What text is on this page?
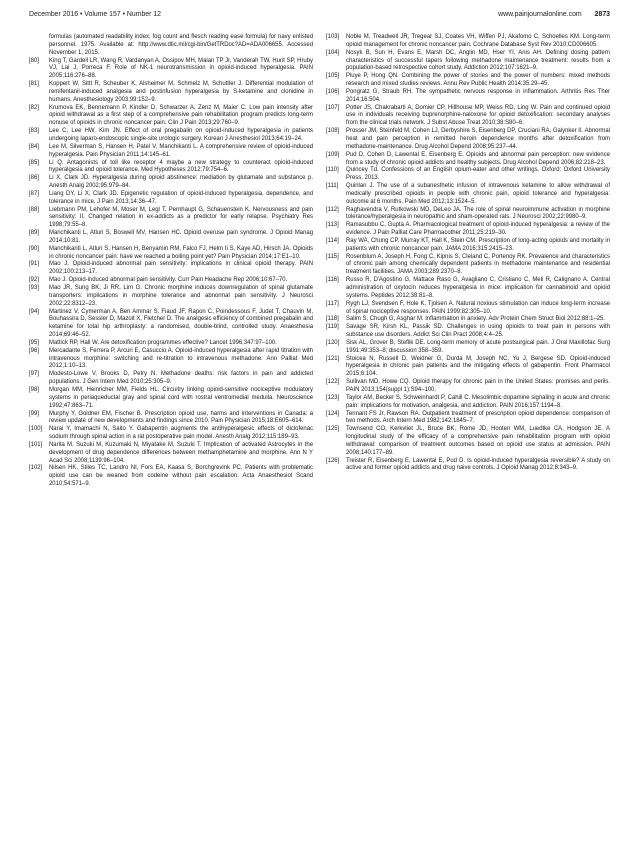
December 2016 • Volume 157 • Number 12	www.painjournalonline.com 2873
formulas (automated readability index, fog count and flesch reading ease formula) for navy enlisted personnel. 1975. Available at: http://www.dtic.mil/cgi-bin/GetTRDoc?AD=ADA006655. Accessed November 1, 2015.
[80]	King T, Gardell LR, Wang R, Vardanyan A, Ossipov MH, Malan TP Jr, Vanderah TW, Hunt SP, Hruby VJ, Lai J, Porreca F. Role of NK-1 neurotransmission in opioid-induced hyperalgesia. PAIN 2005;116:276–88.
[81]	Koppert W, Sittl R, Scheuber K, Alsheimer M, Schmelz M, Schuttler J. Differential modulation of remifentanil-induced analgesia and postinfusion hyperalgesia by S-ketamine and clonidine in humans. Anesthesiology 2003;99:152–9.
[82]	Krumova EK, Bennemann P, Kindler D, Schwarzer A, Zenz M, Maier C. Low pain intensity after opioid withdrawal as a first step of a comprehensive pain rehabilitation program predicts long-term nonuse of opioids in chronic noncancer pain. Clin J Pain 2013;29:760–9.
[83]	Lee C, Lee HW, Kim JN. Effect of oral pregabalin on opioid-induced hyperalgesia in patients undergoing laparo-endoscopic single-site urologic surgery. Korean J Anesthesiol 2013;64:19–24.
[84]	Lee M, Silverman S, Hansen H, Patel V, Manchikanti L. A comprehensive review of opioid-induced hyperalgesia. Pain Physician 2011;14:145–61.
[85]	Li Q. Antagonists of toll like receptor 4 maybe a new strategy to counteract opioid-induced hyperalgesia and opioid tolerance. Med Hypotheses 2012;79:754–6.
[86]	Li X, Clark JD. Hyperalgesia during opioid abstinence: mediation by glutamate and substance p. Anesth Analg 2002;95:979–84.
[87]	Liang DY, Li X, Clark JD. Epigenetic regulation of opioid-induced hyperalgesia, dependence, and tolerance in mice. J Pain 2013;14:36–47.
[88]	Liebmann PM, Lehofer M, Moser M, Legl T, Pernhaupt G, Schauenstein K. Nervousness and pain sensitivity: II. Changed relation in ex-addicts as a predictor for early relapse. Psychiatry Res 1998;79:55–8.
[89]	Manchikanti L, Atluri S, Boswell MV, Hansen HC. Opioid overuse pain syndrome. J Opioid Manag 2014;10:81.
[90]	Manchikanti L, Atluri S, Hansen H, Benyamin RM, Falco FJ, Helm Ii S, Kaye AD, Hirsch JA. Opioids in chronic noncancer pain: have we reached a boiling point yet? Pain Physician 2014;17:E1–10.
[91]	Mao J. Opioid-induced abnormal pain sensitivity: implications in clinical opioid therapy. PAIN 2002;100:213–17.
[92]	Mao J. Opioid-induced abnormal pain sensitivity. Curr Pain Headache Rep 2006;10:67–70.
[93]	Mao JR, Sung BK, Ji RR, Lim G. Chronic morphine induces downregulation of spinal glutamate transporters: implications in morphine tolerance and abnormal pain sensitivity. J Neurosci 2002;22:8312–23.
[94]	Martinez V, Cymerman A, Ben Ammar S, Fiaud JF, Rapon C, Poindessous F, Judet T, Chauvin M, Bouhassira D, Sessler D, Mazoit X, Fletcher D. The analgesic efficiency of combined pregabalin and ketamine for total hip arthroplasty: a randomised, double-blind, controlled study. Anaesthesia 2014;69:46–52.
[95]	Mattick RP, Hall W. Are detoxification programmes effective? Lancet 1996;347:97–100.
[96]	Mercadante S, Ferrera P, Arcuri E, Casuccio A. Opioid-induced hyperalgesia after rapid titration with intravenous morphine: switching and re-titration to intravenous methadone. Ann Palliat Med 2012;1:10–13.
[97]	Modesto-Lowe V, Brooks D, Petry N. Methadone deaths: risk factors in pain and addicted populations. J Gen Intern Med 2010;25:305–9.
[98]	Morgan MM, Heinricher MM, Fields HL. Circuitry linking opioid-sensitive nociceptive modulatory systems in periaqueductal gray and spinal cord with rostral ventromedial medulla. Neuroscience 1992;47:863–71.
[99]	Murphy Y, Goldner EM, Fischer B. Prescription opioid use, harms and interventions in Canada: a review update of new developments and findings since 2010. Pain Physician 2015;18:E605–614.
[100]	Narai Y, Imamachi N, Saito Y. Gabapentin augments the antihyperalgesic effects of diclofenac sodium through spinal action in a rat postoperative pain model. Anesth Analg 2012;115:189–93.
[101]	Narita M, Suzuki M, Kuzumaki N, Miyatake M, Suzuki T. Implication of activated Astrocytes in the development of drug dependence differences between methamphetamine and morphine. Ann N Y Acad Sci 2008;1139:96–104.
[102]	Nilsen HK, Stiles TC, Landro NI, Fors EA, Kaasa S, Borchgrevink PC. Patients with problematic opioid use can be weaned from codeine without pain escalation. Acta Anaesthesiol Scand 2010;54:571–9.
[103]	Noble M, Treadwell JR, Tregear SJ, Coates VH, Wiffen PJ, Akafomo C, Schoelles KM. Long-term opioid management for chronic noncancer pain. Cochrane Database Syst Rev 2010;CD006605.
[104]	Nosyk B, Sun H, Evans E, Marsh DC, Anglin MD, Hser YI, Anis AH. Defining dosing pattern characteristics of successful tapers following methadone maintenance treatment: results from a population-based retrospective cohort study. Addiction 2012;107:1621–9.
[105]	Pluye P, Hong QN. Combining the power of stories and the power of numbers: mixed methods research and mixed studies reviews. Annu Rev Public Health 2014;35:29–45.
[106]	Pongratz G, Straub RH. The sympathetic nervous response in inflammation. Arthritis Res Ther 2014;16:504.
[107]	Potter JS, Chakrabarti A, Domier CP, Hillhouse MP, Weiss RD, Ling W. Pain and continued opioid use in individuals receiving buprenorphine-naloxone for opioid detoxification: secondary analyses from the clinical trials network. J Subst Abuse Treat 2010;38:S80–6.
[108]	Prosser JM, Steinfeld M, Cohen LJ, Derbyshire S, Eisenberg DP, Cruciani RA, Galynker II. Abnormal heat and pain perception in remitted heroin dependence months after detoxification from methadone-maintenance. Drug Alcohol Depend 2008;95:237–44.
[109]	Pud D, Cohen D, Lawental E, Eisenberg E. Opioids and abnormal pain perception: new evidence from a study of chronic opioid addicts and healthy subjects. Drug Alcohol Depend 2006;82:218–23.
[110]	Quincey Td. Confessions of an English opium-eater and other writings. Oxford: Oxford University Press, 2013.
[111]	Quinlan J. The use of a subanesthetic infusion of intravenous ketamine to allow withdrawal of medically prescribed opioids in people with chronic pain, opioid tolerance and hyperalgesia: outcome at 6 months. Pain Med 2012;13:1524–5.
[112]	Raghavendra V, Rutkowski MD, DeLeo JA. The role of spinal neuroimmune activation in morphine tolerance/hyperalgesia in neuropathic and sham-operated rats. J Neurosci 2002;22:9980–9.
[113]	Ramasubbu C, Gupta A. Pharmacological treatment of opioid-induced hyperalgesia: a review of the evidence. J Pain Palliat Care Pharmacother 2011;25:219–30.
[114]	Ray WA, Chung CP, Murray KT, Hall K, Stein CM. Prescription of long-acting opioids and mortality in patients with chronic noncancer pain. JAMA 2016;315:2415–23.
[115]	Rosenblum A, Joseph H, Fong C, Kipnis S, Cleland C, Portenoy RK. Prevalence and characteristics of chronic pain among chemically dependent patients in methadone maintenance and residential treatment facilities. JAMA 2003;289:2370–8.
[116]	Russo R, D'Agostino G, Mattace Raso G, Avagliano C, Cristiano C, Meli R, Calignano A. Central administration of oxytocin reduces hyperalgesia in mice: implication for cannabinoid and opioid systems. Peptides 2012;38:81–8.
[117]	Rygh LJ, Svendsen F, Hole K, Tjolsen A. Natural noxious stimulation can induce long-term increase of spinal nociceptive responses. PAIN 1999;82:305–10.
[118]	Salim S, Chugh G, Asghar M. Inflammation in anxiety. Adv Protein Chem Struct Biol 2012;88:1–25.
[119]	Savage SR, Kirsh KL, Passik SD. Challenges in using opioids to treat pain in persons with substance use disorders. Addict Sci Clin Pract 2008;4:4–25.
[120]	Sisk AL, Grover B, Steflik DE. Long-term memory of acute postsurgical pain. J Oral Maxillofac Surg 1991;49:353–8; discussion 358–359.
[121]	Stoicea N, Russell D, Weidner G, Durda M, Joseph NC, Yu J, Bergese SD. Opioid-induced hyperalgesia in chronic pain patients and the mitigating effects of gabapentin. Front Pharmacol 2015;6:104.
[122]	Sullivan MD, Howe CQ. Opioid therapy for chronic pain in the United States: promises and perils. PAIN 2013;154(suppl 1):S94–100.
[123]	Taylor AM, Becker S, Schweinhardt P, Cahill C. Mesolimbic dopamine signaling in acute and chronic pain: implications for motivation, analgesia, and addiction. PAIN 2016;157:1194–8.
[124]	Tennant FS Jr, Rawson RA. Outpatient treatment of prescription opioid dependence: comparison of two methods. Arch Intern Med 1982;142:1845–7.
[125]	Townsend CO, Kerkvliet JL, Bruce BK, Rome JD, Hooten WM, Luedtke CA, Hodgson JE. A longitudinal study of the efficacy of a comprehensive pain rehabilitation program with opioid withdrawal: comparison of treatment outcomes based on opioid use status at admission. PAIN 2008;140:177–89.
[126]	Treister R, Eisenberg E, Lawental E, Pud D. Is opioid-induced hyperalgesia reversible? A study on active and former opioid addicts and drug naive controls. J Opioid Manag 2012;8:343–9.
